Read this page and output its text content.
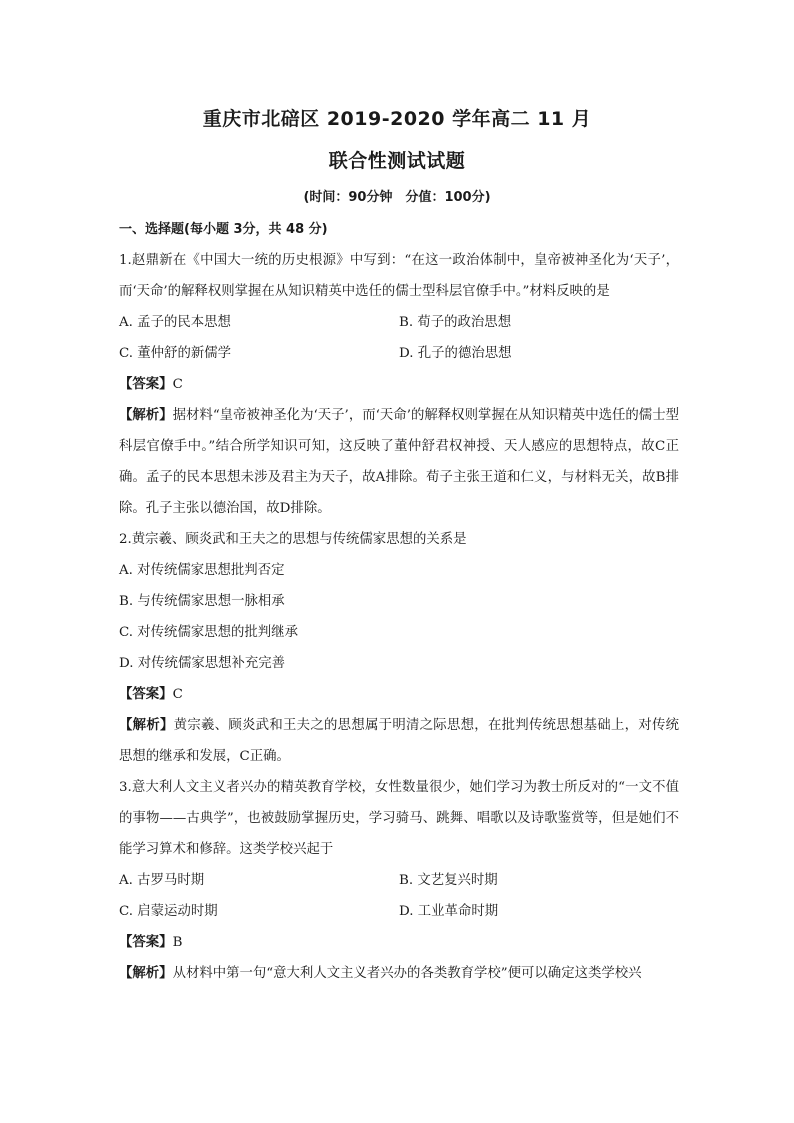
重庆市北碚区 2019-2020 学年高二 11 月
联合性测试试题
(时间：90分钟　分值：100分)
一、选择题(每小题 3分，共 48 分)
1.赵鼎新在《中国大一统的历史根源》中写到：“在这一政治体制中，皇帝被神圣化为‘天子’，而‘天命’的解释权则掌握在从知识精英中选任的儒士型科层官僚手中。”材料反映的是
A. 孟子的民本思想	B. 荀子的政治思想
C. 董仲舒的新儒学	D. 孔子的德治思想
【答案】C
【解析】据材料“皇帝被神圣化为‘天子’，而‘天命’的解释权则掌握在从知识精英中选任的儒士型科层官僚手中。”结合所学知识可知，这反映了董仲舒君权神授、天人感应的思想特点，故C正确。孟子的民本思想未涉及君主为天子，故A排除。荀子主张王道和仁义，与材料无关，故B排除。孔子主张以德治国，故D排除。
2.黄宗羲、顾炎武和王夫之的思想与传统儒家思想的关系是
A. 对传统儒家思想批判否定
B. 与传统儒家思想一脉相承
C. 对传统儒家思想的批判继承
D. 对传统儒家思想补充完善
【答案】C
【解析】黄宗羲、顾炎武和王夫之的思想属于明清之际思想，在批判传统思想基础上，对传统思想的继承和发展，C正确。
3.意大利人文主义者兴办的精英教育学校，女性数量很少，她们学习为教士所反对的“一文不值的事物——古典学”，也被鼓励掌握历史，学习骑马、跳舞、唱歌以及诗歌鉴赏等，但是她们不能学习算术和修辞。这类学校兴起于
A. 古罗马时期	B. 文艺复兴时期
C. 启蒙运动时期	D. 工业革命时期
【答案】B
【解析】从材料中第一句“意大利人文主义者兴办的各类教育学校”便可以确定这类学校兴
